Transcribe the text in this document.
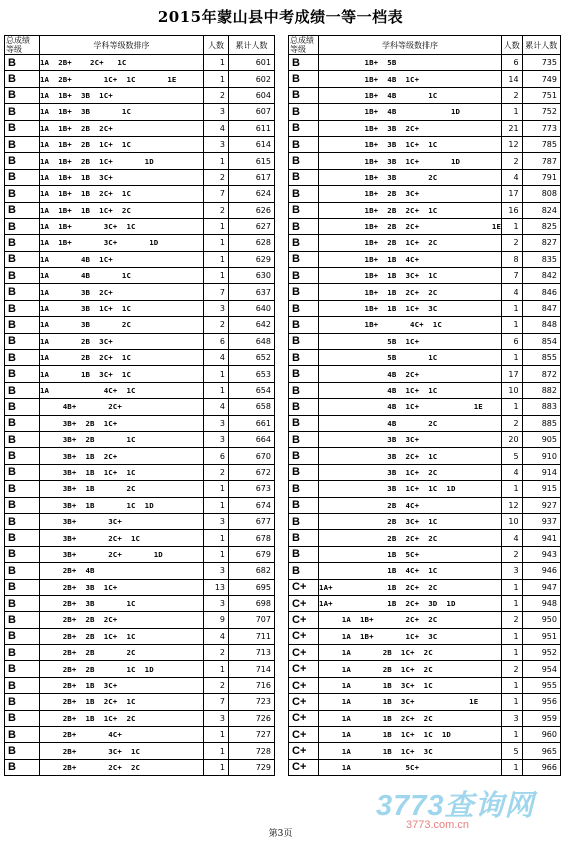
2015年蒙山县中考成绩一等一档表
总成绩
等级	学科等级数排序	人数	累计人数
B	1A  2B+    2C+   1C	1	601
B	1A  2B+       1C+  1C       1E	1	602
B	1A  1B+  3B  1C+	2	604
B	1A  1B+  3B       1C	3	607
B	1A  1B+  2B  2C+	4	611
B	1A  1B+  2B  1C+  1C	3	614
B	1A  1B+  2B  1C+       1D	1	615
B	1A  1B+  1B  3C+	2	617
B	1A  1B+  1B  2C+  1C	7	624
B	1A  1B+  1B  1C+  2C	2	626
B	1A  1B+       3C+  1C	1	627
B	1A  1B+       3C+       1D	1	628
B	1A       4B  1C+	1	629
B	1A       4B       1C	1	630
B	1A       3B  2C+	7	637
B	1A       3B  1C+  1C	3	640
B	1A       3B       2C	2	642
B	1A       2B  3C+	6	648
B	1A       2B  2C+  1C	4	652
B	1A       1B  3C+  1C	1	653
B	1A            4C+  1C	1	654
B	4B+       2C+	4	658
B	3B+  2B  1C+	3	661
B	3B+  2B       1C	3	664
B	3B+  1B  2C+	6	670
B	3B+  1B  1C+  1C	2	672
B	3B+  1B       2C	1	673
B	3B+  1B       1C  1D	1	674
B	3B+       3C+	3	677
B	3B+       2C+  1C	1	678
B	3B+       2C+       1D	1	679
B	2B+  4B	3	682
B	2B+  3B  1C+	13	695
B	2B+  3B       1C	3	698
B	2B+  2B  2C+	9	707
B	2B+  2B  1C+  1C	4	711
B	2B+  2B       2C	2	713
B	2B+  2B       1C  1D	1	714
B	2B+  1B  3C+	2	716
B	2B+  1B  2C+  1C	7	723
B	2B+  1B  1C+  2C	3	726
B	2B+       4C+	1	727
B	2B+       3C+  1C	1	728
B	2B+       2C+  2C	1	729
总成绩
等级	学科等级数排序	人数	累计人数
B	1B+  5B	6	735
B	1B+  4B  1C+	14	749
B	1B+  4B       1C	2	751
B	1B+  4B            1D	1	752
B	1B+  3B  2C+	21	773
B	1B+  3B  1C+  1C	12	785
B	1B+  3B  1C+       1D	2	787
B	1B+  3B       2C	4	791
B	1B+  2B  3C+	17	808
B	1B+  2B  2C+  1C	16	824
B	1B+  2B  2C+                1E	1	825
B	1B+  2B  1C+  2C	2	827
B	1B+  1B  4C+	8	835
B	1B+  1B  3C+  1C	7	842
B	1B+  1B  2C+  2C	4	846
B	1B+  1B  1C+  3C	1	847
B	1B+       4C+  1C	1	848
B	5B  1C+	6	854
B	5B       1C	1	855
B	4B  2C+	17	872
B	4B  1C+  1C	10	882
B	4B  1C+            1E	1	883
B	4B       2C	2	885
B	3B  3C+	20	905
B	3B  2C+  1C	5	910
B	3B  1C+  2C	4	914
B	3B  1C+  1C  1D	1	915
B	2B  4C+	12	927
B	2B  3C+  1C	10	937
B	2B  2C+  2C	4	941
B	1B  5C+	2	943
B	1B  4C+  1C	3	946
C+	1A+            1B  2C+  2C	1	947
C+	1A+            1B  2C+  3D  1D	1	948
C+	1A  1B+       2C+  2C	2	950
C+	1A  1B+       1C+  3C	1	951
C+	1A       2B  1C+  2C	1	952
C+	1A       2B  1C+  2C	2	954
C+	1A       1B  3C+  1C	1	955
C+	1A       1B  3C+            1E	1	956
C+	1A       1B  2C+  2C	3	959
C+	1A       1B  1C+  1C  1D	1	960
C+	1A       1B  1C+  3C	5	965
C+	1A            5C+	1	966
第3页
3773查询网
3773.com.cn
